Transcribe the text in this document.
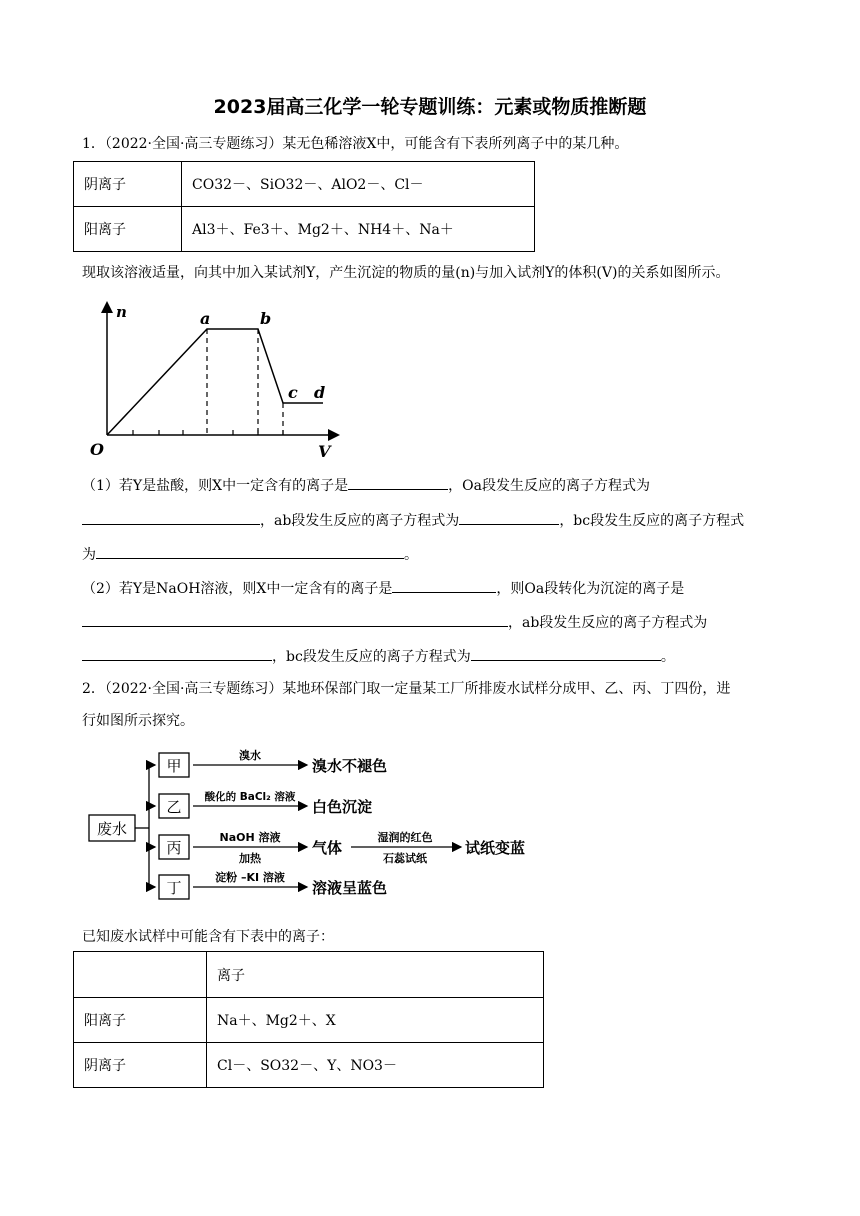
2023届高三化学一轮专题训练：元素或物质推断题
1．（2022·全国·高三专题练习）某无色稀溶液X中，可能含有下表所列离子中的某几种。
阴离子	CO32－、SiO32－、AlO2－、Cl－
阳离子	Al3＋、Fe3＋、Mg2＋、NH4＋、Na＋
现取该溶液适量，向其中加入某试剂Y，产生沉淀的物质的量(n)与加入试剂Y的体积(V)的关系如图所示。
n
O	V
a	b
c d
（1）若Y是盐酸，则X中一定含有的离子是	，Oa段发生反应的离子方程式为
，ab段发生反应的离子方程式为	，bc段发生反应的离子方程式
为	。
（2）若Y是NaOH溶液，则X中一定含有的离子是	，则Oa段转化为沉淀的离子是
，ab段发生反应的离子方程式为
，bc段发生反应的离子方程式为	。
2．（2022·全国·高三专题练习）某地环保部门取一定量某工厂所排废水试样分成甲、乙、丙、丁四份，进
行如图所示探究。
废水
甲
乙
丙
丁
溴水
溴水不褪色
酸化的 BaCl₂ 溶液
白色沉淀
NaOH 溶液
加热
气体
湿润的红色
石蕊试纸
试纸变蓝
淀粉 –KI 溶液
溶液呈蓝色
已知废水试样中可能含有下表中的离子：
	离子
阳离子	Na＋、Mg2＋、X
阴离子	Cl－、SO32－、Y、NO3－
